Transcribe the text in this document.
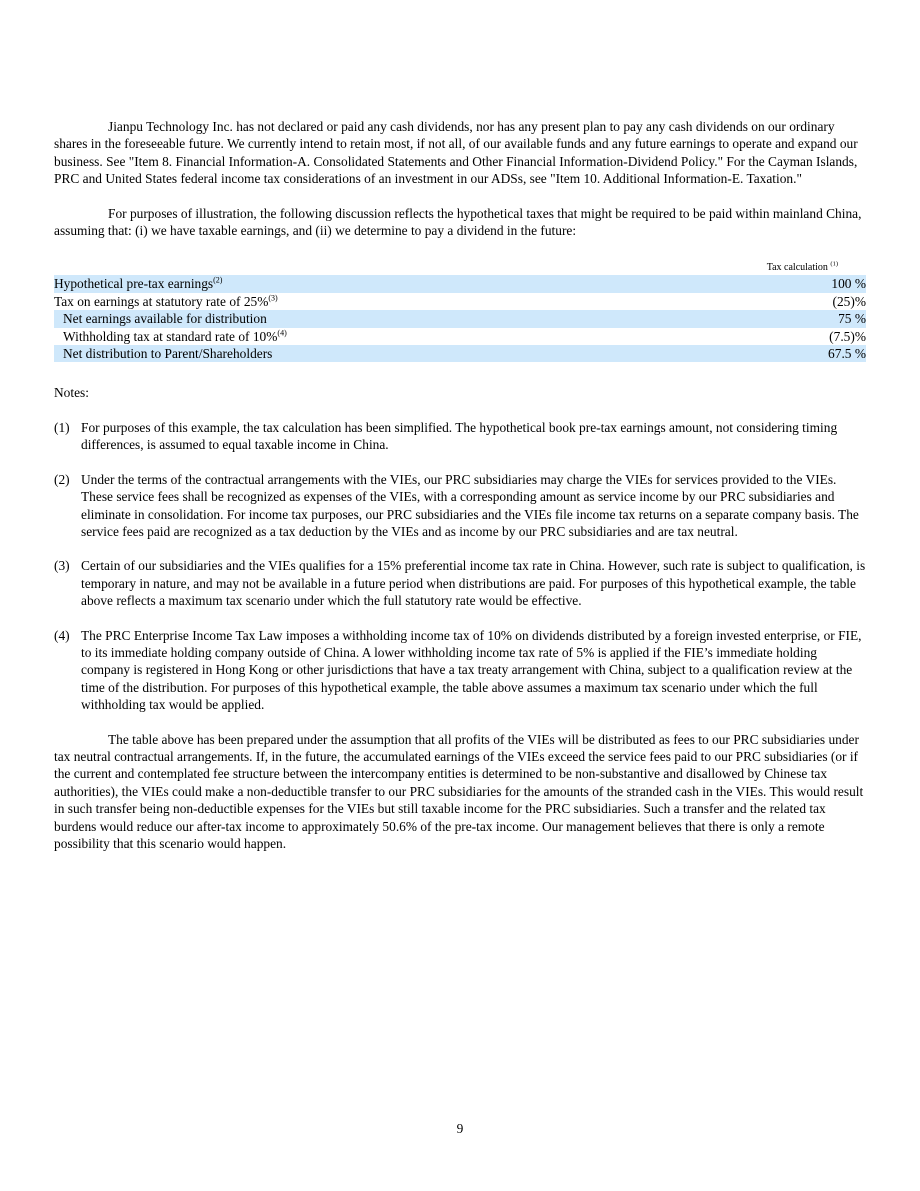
Jianpu Technology Inc. has not declared or paid any cash dividends, nor has any present plan to pay any cash dividends on our ordinary shares in the foreseeable future. We currently intend to retain most, if not all, of our available funds and any future earnings to operate and expand our business. See "Item 8. Financial Information-A. Consolidated Statements and Other Financial Information-Dividend Policy." For the Cayman Islands, PRC and United States federal income tax considerations of an investment in our ADSs, see "Item 10. Additional Information-E. Taxation."

For purposes of illustration, the following discussion reflects the hypothetical taxes that might be required to be paid within mainland China, assuming that: (i) we have taxable earnings, and (ii) we determine to pay a dividend in the future:

Tax calculation $^{(1)}$
Hypothetical pre-tax earnings$^{(2)}$	100 %
Tax on earnings at statutory rate of 25%$^{(3)}$	(25)%
Net earnings available for distribution	75 %
Withholding tax at standard rate of 10%$^{(4)}$	(7.5)%
Net distribution to Parent/Shareholders	67.5 %

Notes:

(1) For purposes of this example, the tax calculation has been simplified. The hypothetical book pre-tax earnings amount, not considering timing differences, is assumed to equal taxable income in China.

(2) Under the terms of the contractual arrangements with the VIEs, our PRC subsidiaries may charge the VIEs for services provided to the VIEs. These service fees shall be recognized as expenses of the VIEs, with a corresponding amount as service income by our PRC subsidiaries and eliminate in consolidation. For income tax purposes, our PRC subsidiaries and the VIEs file income tax returns on a separate company basis. The service fees paid are recognized as a tax deduction by the VIEs and as income by our PRC subsidiaries and are tax neutral.

(3) Certain of our subsidiaries and the VIEs qualifies for a 15% preferential income tax rate in China. However, such rate is subject to qualification, is temporary in nature, and may not be available in a future period when distributions are paid. For purposes of this hypothetical example, the table above reflects a maximum tax scenario under which the full statutory rate would be effective.

(4) The PRC Enterprise Income Tax Law imposes a withholding income tax of 10% on dividends distributed by a foreign invested enterprise, or FIE, to its immediate holding company outside of China. A lower withholding income tax rate of 5% is applied if the FIE’s immediate holding company is registered in Hong Kong or other jurisdictions that have a tax treaty arrangement with China, subject to a qualification review at the time of the distribution. For purposes of this hypothetical example, the table above assumes a maximum tax scenario under which the full withholding tax would be applied.

The table above has been prepared under the assumption that all profits of the VIEs will be distributed as fees to our PRC subsidiaries under tax neutral contractual arrangements. If, in the future, the accumulated earnings of the VIEs exceed the service fees paid to our PRC subsidiaries (or if the current and contemplated fee structure between the intercompany entities is determined to be non-substantive and disallowed by Chinese tax authorities), the VIEs could make a non-deductible transfer to our PRC subsidiaries for the amounts of the stranded cash in the VIEs. This would result in such transfer being non-deductible expenses for the VIEs but still taxable income for the PRC subsidiaries. Such a transfer and the related tax burdens would reduce our after-tax income to approximately 50.6% of the pre-tax income. Our management believes that there is only a remote possibility that this scenario would happen.

9
